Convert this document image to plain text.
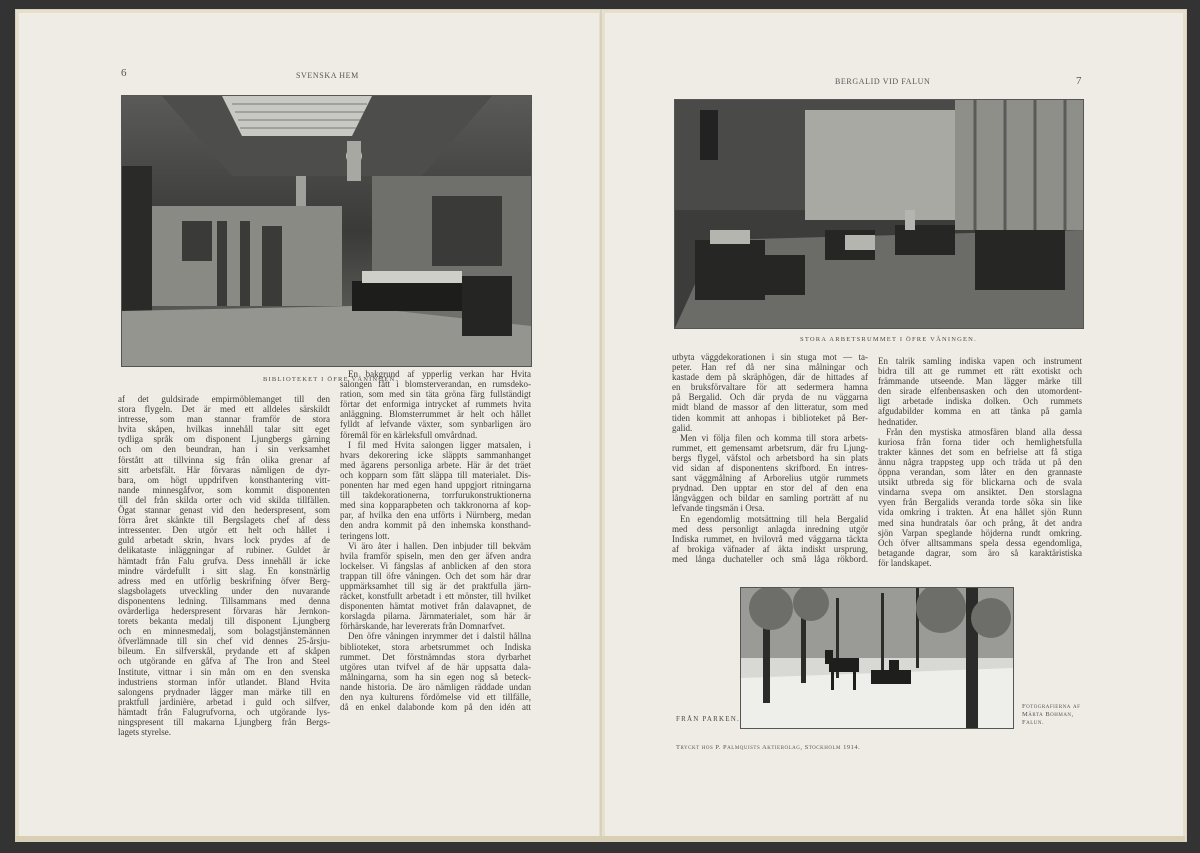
6	SVENSKA HEM
BIBLIOTEKET I ÖFRE VÅNINGEN.
af det guldsirade empirmöblemanget till den
stora flygeln. Det är med ett alldeles särskildt
intresse, som man stannar framför de stora
hvita skåpen, hvilkas innehåll talar sitt eget
tydliga språk om disponent Ljungbergs gärning
och om den beundran, han i sin verksamhet
förstått att tillvinna sig från olika grenar af
sitt arbetsfält. Här förvaras nämligen de dyr-
bara, om högt uppdrifven konsthantering vitt-
nande minnesgåfvor, som kommit disponenten
till del från skilda orter och vid skilda tillfällen.
Ögat stannar genast vid den hederspresent, som
förra året skänkte till Bergslagets chef af dess
intressenter. Den utgör ett helt och hållet i
guld arbetadt skrin, hvars lock prydes af de
delikataste inläggningar af rubiner. Guldet är
hämtadt från Falu grufva. Dess innehåll är icke
mindre värdefullt i sitt slag. En konstnärlig
adress med en utförlig beskrifning öfver Berg-
slagsbolagets utveckling under den nuvarande
disponentens ledning. Tillsammans med denna
ovärderliga hederspresent förvaras här Jernkon-
torets bekanta medalj till disponent Ljungberg
och en minnesmedalj, som bolagstjänstemännen
öfverlämnade till sin chef vid dennes 25-årsju-
bileum. En silfverskål, prydande ett af skåpen
och utgörande en gåfva af The Iron and Steel
Institute, vittnar i sin mån om en den svenska
industriens storman inför utlandet. Bland Hvita
salongens prydnader lägger man märke till en
praktfull jardinière, arbetad i guld och silfver,
hämtadt från Falugrufvorna, och utgörande lys-
ningspresent till makarna Ljungberg från Bergs-
lagets styrelse.
En bakgrund af ypperlig verkan har Hvita
salongen fått i blomsterverandan, en rumsdeko-
ration, som med sin täta gröna färg fullständigt
förtar det enformiga intrycket af rummets hvita
anläggning. Blomsterrummet är helt och hållet
fylldt af lefvande växter, som synbarligen äro
föremål för en kärleksfull omvårdnad.
I fil med Hvita salongen ligger matsalen, i
hvars dekorering icke släppts sammanhanget
med ägarens personliga arbete. Här är det träet
och kopparn som fått släppa till materialet. Dis-
ponenten har med egen hand uppgjort ritningarna
till takdekorationerna, torrfurukonstruktionerna
med sina kopparарbeten och takkronorna af kop-
par, af hvilka den ena utförts i Nürnberg, medan
den andra kommit på den inhemska konsthand-
teringens lott.
Vi äro åter i hallen. Den inbjuder till bekväm
hvila framför spiseln, men den ger äfven andra
lockelser. Vi fängslas af anblicken af den stora
trappan till öfre våningen. Och det som här drar
uppmärksamhet till sig är det praktfulla järn-
räcket, konstfullt arbetadt i ett mönster, till hvilket
disponenten hämtat motivet från dalavapnet, de
korslagda pilarna. Järnmaterialet, som här är
förhärskande, har levererats från Domnarfvet.
Den öfre våningen inrymmer det i dalstil hållna
biblioteket, stora arbetsrummet och Indiska
rummet. Det förstnämndas stora dyrbarhet
utgöres utan tvifvel af de här uppsatta dala-
målningarna, som ha sin egen nog så beteck-
nande historia. De äro nämligen räddade undan
den nya kulturens fördömelse vid ett tillfälle,
då en enkel dalabonde kom på den idén att
BERGALID VID FALUN	7
STORA ARBETSRUMMET I ÖFRE VÅNINGEN.
utbyta väggdekorationen i sin stuga mot — ta-
peter. Han ref då ner sina målningar och
kastade dem på skräphögen, där de hittades af
en bruksförvaltare för att sedermera hamna
på Bergalid. Och där pryda de nu väggarna
midt bland de massor af den litteratur, som med
tiden kommit att anhopas i biblioteket på Ber-
galid.
Men vi följa filen och komma till stora arbets-
rummet, ett gemensamt arbetsrum, där fru Ljung-
bergs flygel, väfstol och arbetsbord ha sin plats
vid sidan af disponentens skrifbord. En intres-
sant väggmålning af Arborelius utgör rummets
prydnad. Den upptar en stor del af den ena
långväggen och bildar en samling porträtt af nu
lefvande tingsmän i Orsa.
En egendomlig motsättning till hela Bergalid
med dess personligt anlagda inredning utgör
Indiska rummet, en hvilovrå med väggarna täckta
af brokiga väfnader af äkta indiskt ursprung,
med långa duchateller och små låga rökbord.
En talrik samling indiska vapen och instrument
bidra till att ge rummet ett rätt exotiskt och
främmande utseende. Man lägger märke till
den sirade elfenbensasken och den utomordent-
ligt arbetade indiska dolken. Och rummets
afgudabilder komma en att tänka på gamla
hednatider.
Från den mystiska atmosfären bland alla dessa
kuriosa från forna tider och hemlighetsfulla
trakter kännes det som en befrielse att få stiga
ännu några trappsteg upp och träda ut på den
öppna verandan, som låter en den grannaste
utsikt utbreda sig för blickarna och de svala
vindarna svepa om ansiktet. Den storslagna
vyen från Bergalids veranda torde söka sin like
vida omkring i trakten. Åt ena hållet sjön Runn
med sina hundratals öar och prång, åt det andra
sjön Varpan speglande höjderna rundt omkring.
Och öfver alltsammans spela dessa egendomliga,
betagande dagrar, som äro så karaktäristiska
för landskapet.
FRÅN PARKEN.
Fotografierna af
Märta Bohman,
Falun.
Tryckt hos P. Palmquists Aktiebolag, Stockholm 1914.
